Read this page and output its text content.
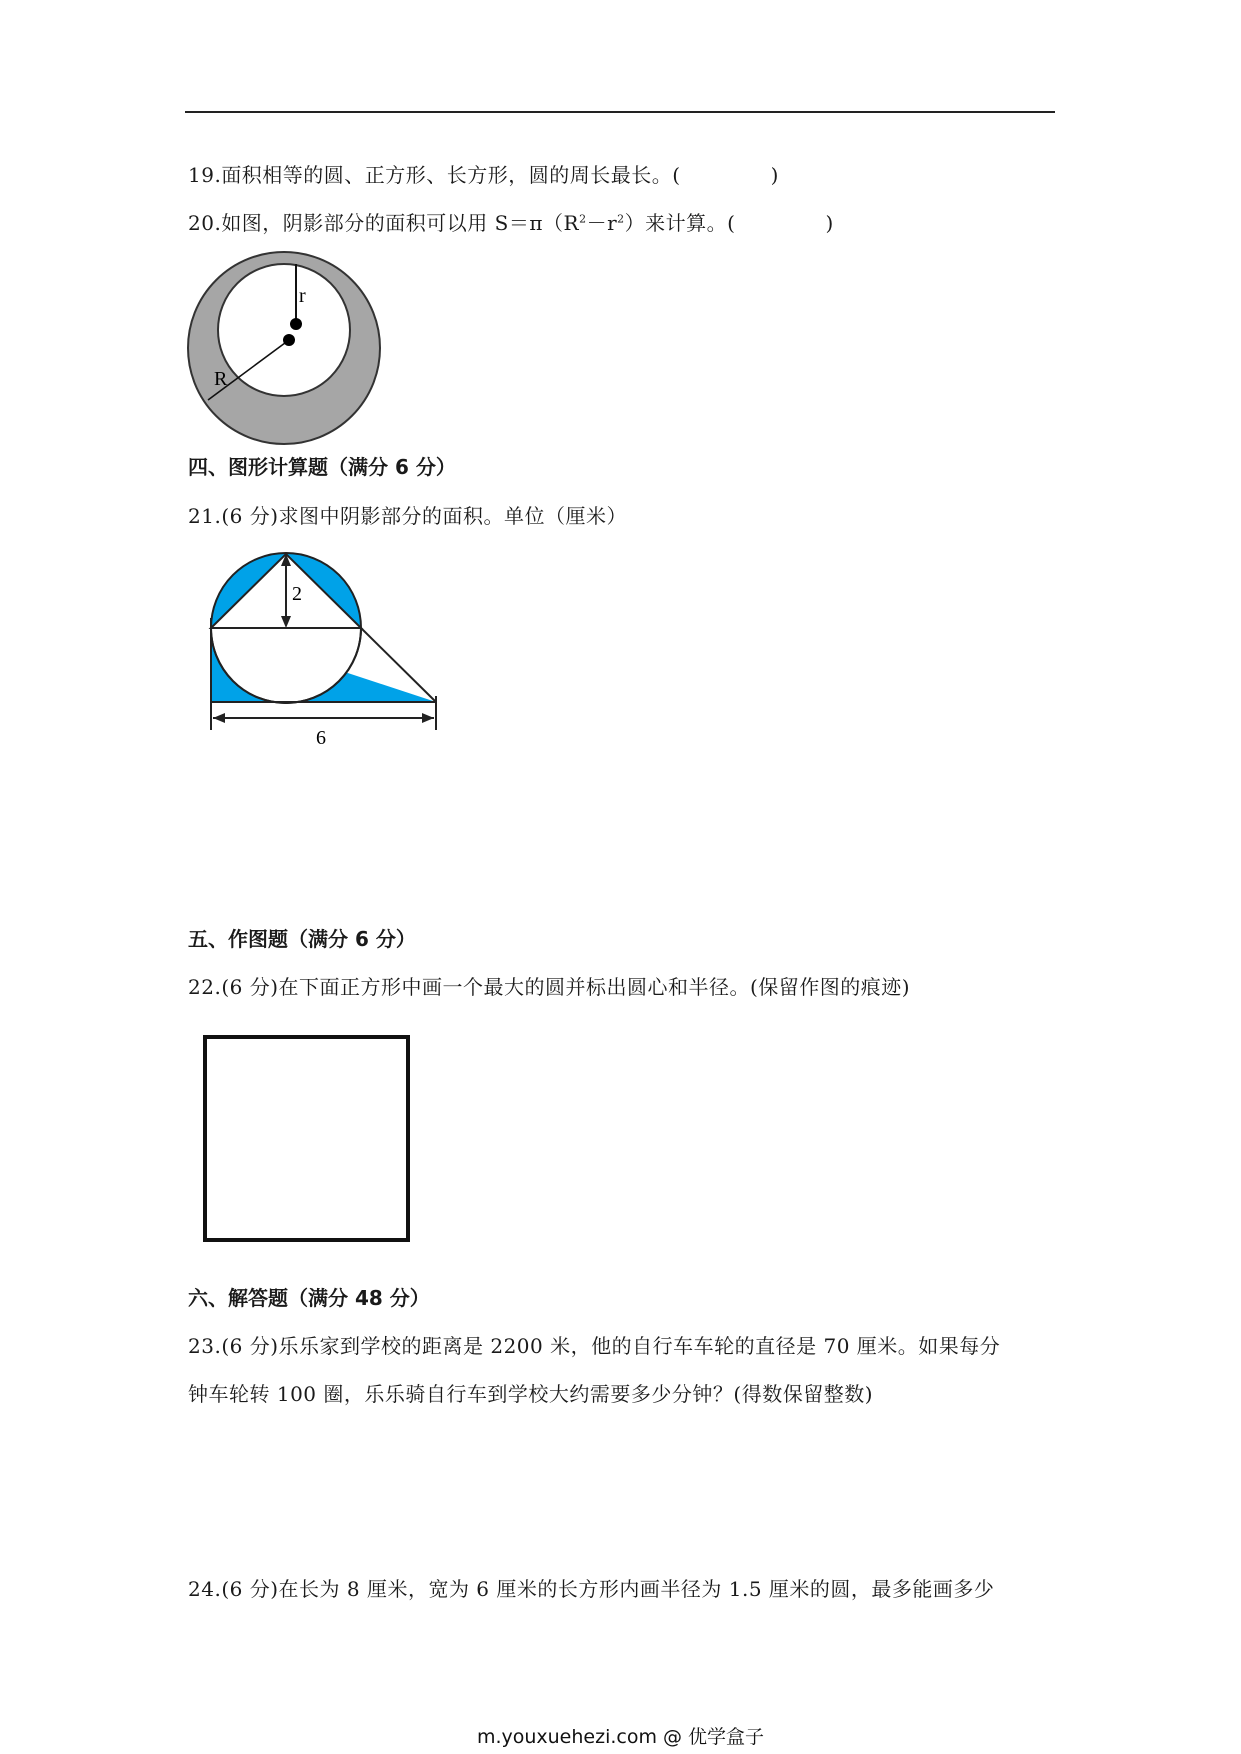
19.面积相等的圆、正方形、长方形，圆的周长最长。(	)
20.如图，阴影部分的面积可以用 $S=\pi(R^2-r^2)$来计算。(	)
r
R
四、图形计算题（满分 6 分）
21.(6 分)求图中阴影部分的面积。单位（厘米）
2
6
五、作图题（满分 6 分）
22.(6 分)在下面正方形中画一个最大的圆并标出圆心和半径。(保留作图的痕迹)
六、解答题（满分 48 分）
23.(6 分)乐乐家到学校的距离是 2200 米，他的自行车车轮的直径是 70 厘米。如果每分
钟车轮转 100 圈，乐乐骑自行车到学校大约需要多少分钟？(得数保留整数)
24.(6 分)在长为 8 厘米，宽为 6 厘米的长方形内画半径为 1.5 厘米的圆，最多能画多少
m.youxuehezi.com @ 优学盒子
